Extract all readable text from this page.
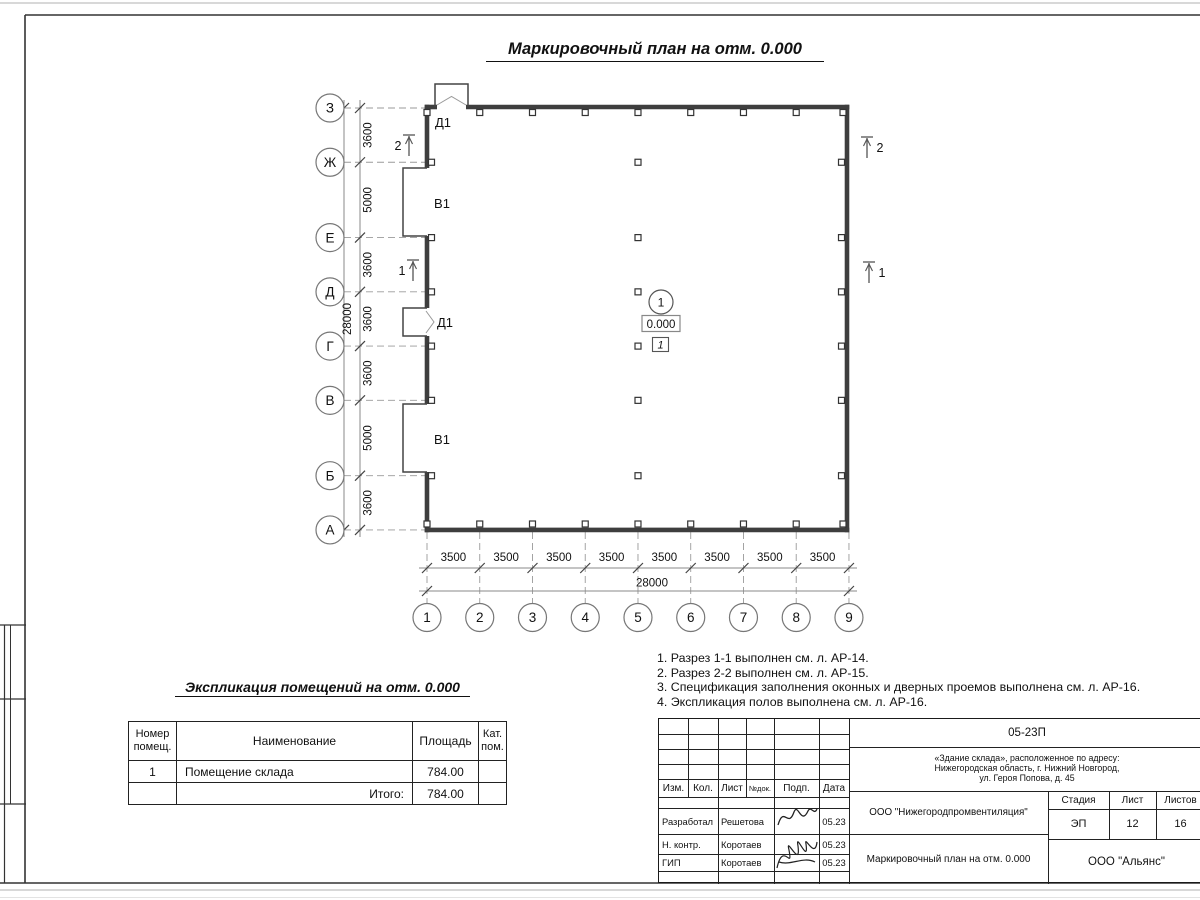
3600
5000
3600
3600
3600
5000
3600
28000
3500 3500 3500 3500 3500 3500 3500 3500
28000
З
Ж
Е
Д
Г
В
Б
А
1	2	3	4	5	6	7	8	9
Д1
В1
Д1
В1
2
1
2
1
1
0.000
1
Маркировочный план на отм. 0.000
Экспликация помещений на отм. 0.000
Номер помещ.	Наименование	Площадь	Кат. пом.
1	Помещение склада	784.00	
	Итого:	784.00	
1. Разрез 1-1 выполнен см. л. АР-14.
2. Разрез 2-2 выполнен см. л. АР-15.
3. Спецификация заполнения оконных и дверных проемов выполнена см. л. АР-16.
4. Экспликация полов выполнена см. л. АР-16.
Изм. Кол. Лист №док.	Подп.	Дата
Разработал Решетова	05.23
Н. контр.	Коротаев	05.23
ГИП	Коротаев	05.23
05-23П
«Здание склада», расположенное по адресу:
Нижегородская область, г. Нижний Новгород,
ул. Героя Попова, д. 45
ООО "Нижегородпромвентиляция"
Маркировочный план на отм. 0.000
Стадия	Лист	Листов
ЭП	12	16
ООО "Альянс"
